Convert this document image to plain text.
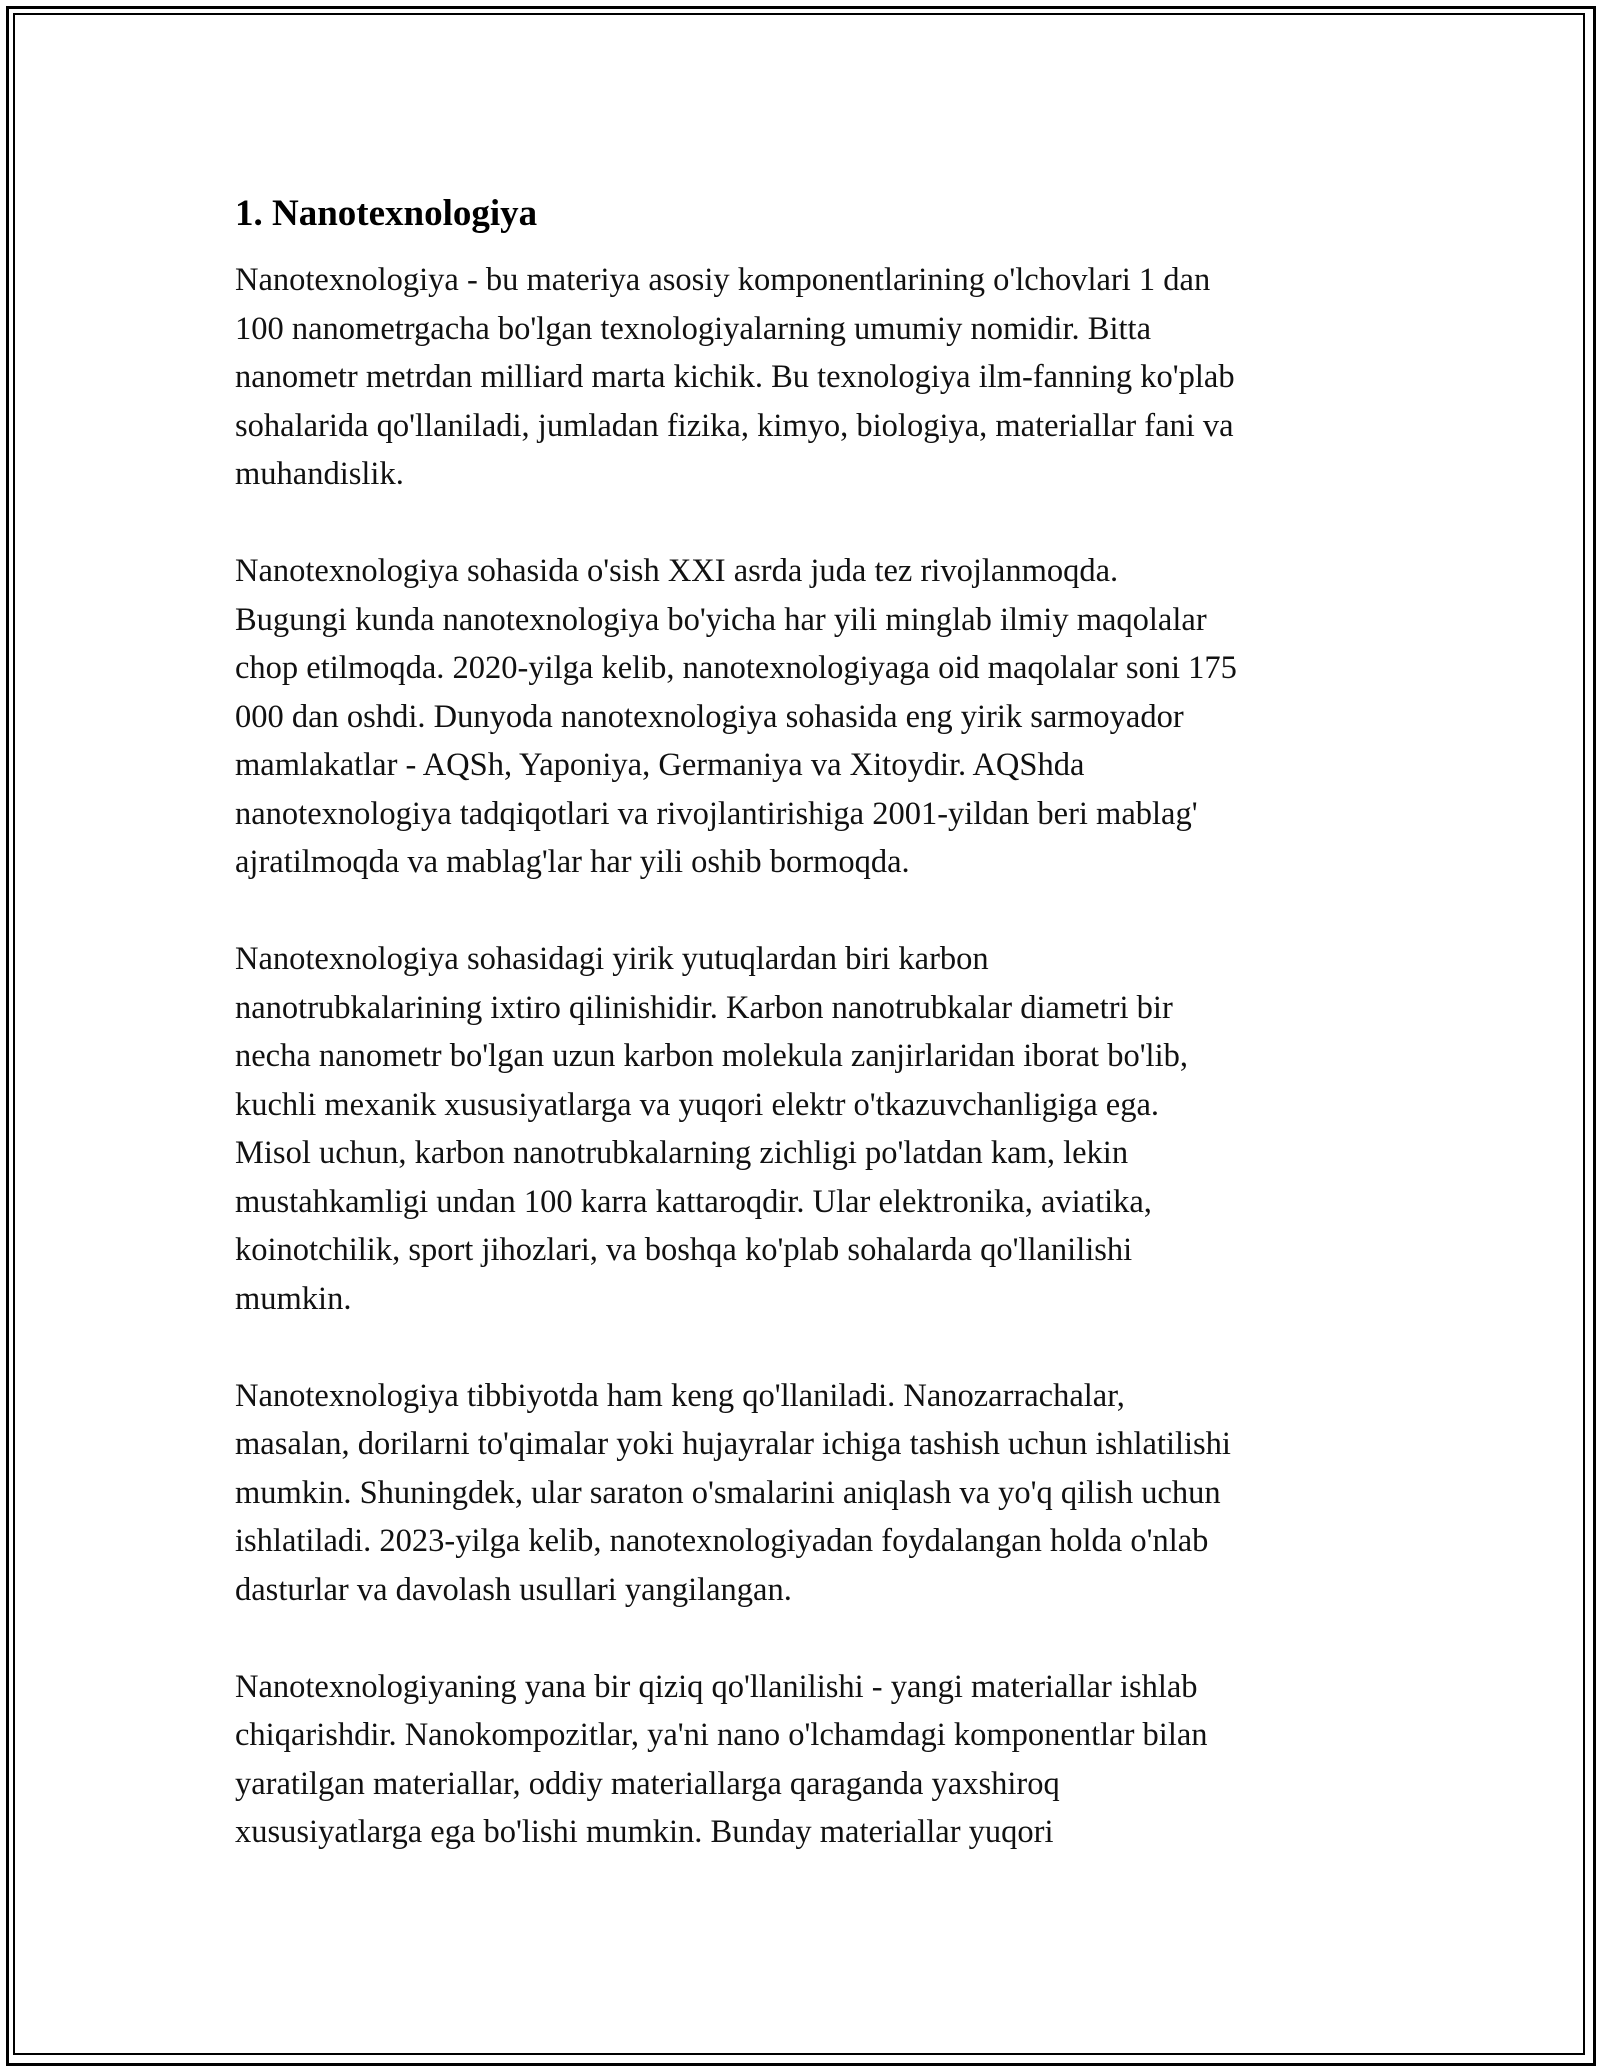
1. Nanotexnologiya
Nanotexnologiya - bu materiya asosiy komponentlarining o'lchovlari 1 dan
100 nanometrgacha bo'lgan texnologiyalarning umumiy nomidir. Bitta
nanometr metrdan milliard marta kichik. Bu texnologiya ilm-fanning ko'plab
sohalarida qo'llaniladi, jumladan fizika, kimyo, biologiya, materiallar fani va
muhandislik.
Nanotexnologiya sohasida o'sish XXI asrda juda tez rivojlanmoqda.
Bugungi kunda nanotexnologiya bo'yicha har yili minglab ilmiy maqolalar
chop etilmoqda. 2020-yilga kelib, nanotexnologiyaga oid maqolalar soni 175
000 dan oshdi. Dunyoda nanotexnologiya sohasida eng yirik sarmoyador
mamlakatlar - AQSh, Yaponiya, Germaniya va Xitoydir. AQShda
nanotexnologiya tadqiqotlari va rivojlantirishiga 2001-yildan beri mablag'
ajratilmoqda va mablag'lar har yili oshib bormoqda.
Nanotexnologiya sohasidagi yirik yutuqlardan biri karbon
nanotrubkalarining ixtiro qilinishidir. Karbon nanotrubkalar diametri bir
necha nanometr bo'lgan uzun karbon molekula zanjirlaridan iborat bo'lib,
kuchli mexanik xususiyatlarga va yuqori elektr o'tkazuvchanligiga ega.
Misol uchun, karbon nanotrubkalarning zichligi po'latdan kam, lekin
mustahkamligi undan 100 karra kattaroqdir. Ular elektronika, aviatika,
koinotchilik, sport jihozlari, va boshqa ko'plab sohalarda qo'llanilishi
mumkin.
Nanotexnologiya tibbiyotda ham keng qo'llaniladi. Nanozarrachalar,
masalan, dorilarni to'qimalar yoki hujayralar ichiga tashish uchun ishlatilishi
mumkin. Shuningdek, ular saraton o'smalarini aniqlash va yo'q qilish uchun
ishlatiladi. 2023-yilga kelib, nanotexnologiyadan foydalangan holda o'nlab
dasturlar va davolash usullari yangilangan.
Nanotexnologiyaning yana bir qiziq qo'llanilishi - yangi materiallar ishlab
chiqarishdir. Nanokompozitlar, ya'ni nano o'lchamdagi komponentlar bilan
yaratilgan materiallar, oddiy materiallarga qaraganda yaxshiroq
xususiyatlarga ega bo'lishi mumkin. Bunday materiallar yuqori
